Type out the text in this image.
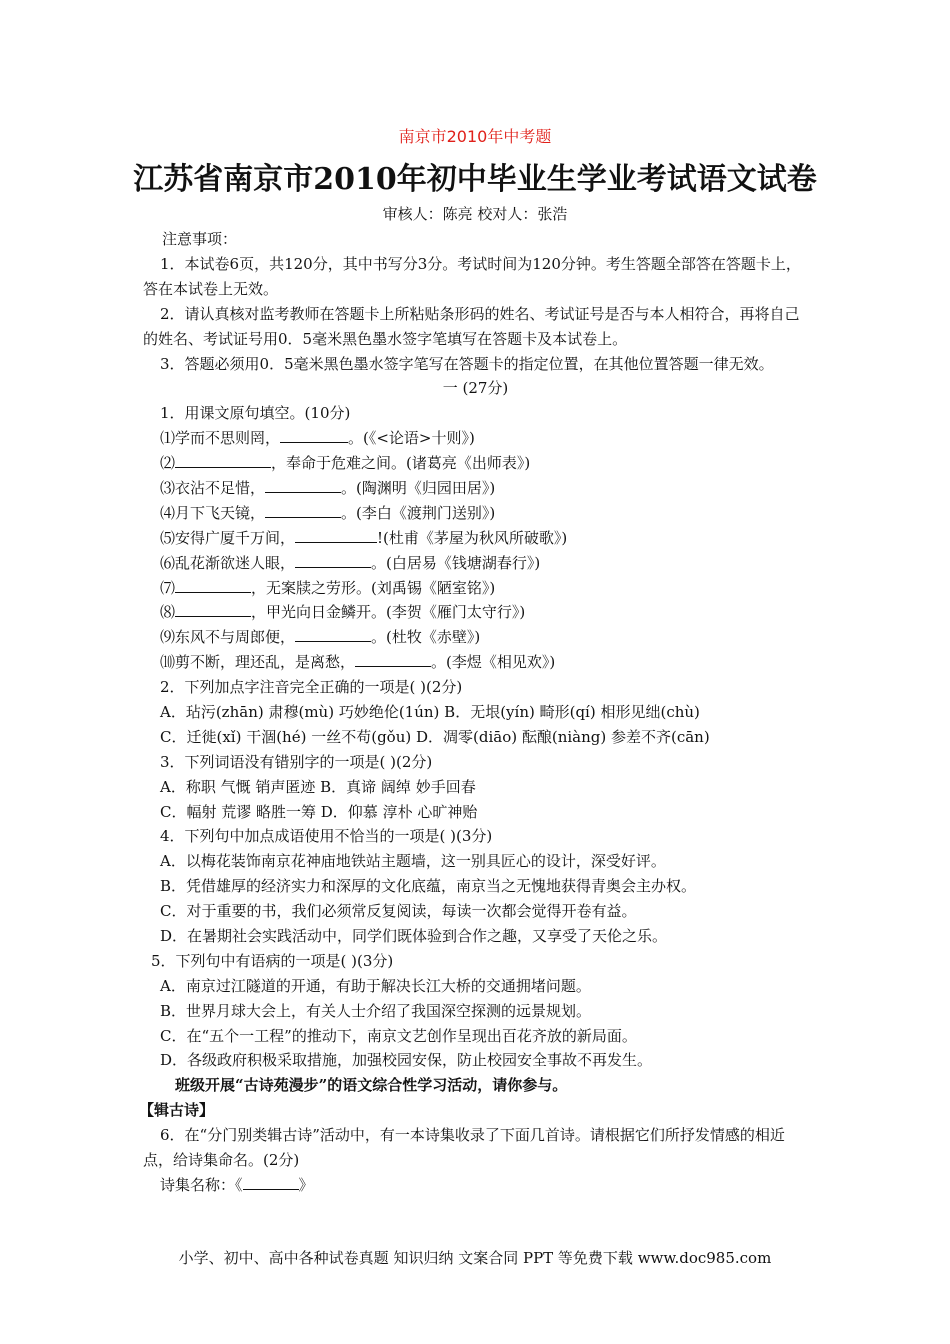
南京市2010年中考题
江苏省南京市2010年初中毕业生学业考试语文试卷
审核人：陈亮 校对人：张浩
注意事项：
1．本试卷6页，共120分，其中书写分3分。考试时间为120分钟。考生答题全部答在答题卡上，答在本试卷上无效。
2．请认真核对监考教师在答题卡上所粘贴条形码的姓名、考试证号是否与本人相符合，再将自己的姓名、考试证号用0．5毫米黑色墨水签字笔填写在答题卡及本试卷上。
3．答题必须用0．5毫米黑色墨水签字笔写在答题卡的指定位置，在其他位置答题一律无效。
一 (27分)
1．用课文原句填空。(10分)
⑴学而不思则罔，	。(《<论语>十则》)
⑵	，奉命于危难之间。(诸葛亮《出师表》)
⑶衣沾不足惜，	。(陶渊明《归园田居》)
⑷月下飞天镜，	。(李白《渡荆门送别》)
⑸安得广厦千万间，	!(杜甫《茅屋为秋风所破歌》)
⑹乱花渐欲迷人眼，	。(白居易《钱塘湖春行》)
⑺	，无案牍之劳形。(刘禹锡《陋室铭》)
⑻	，甲光向日金鳞开。(李贺《雁门太守行》)
⑼东风不与周郎便，	。(杜牧《赤壁》)
⑽剪不断，理还乱，是离愁，	。(李煜《相见欢》)
2．下列加点字注音完全正确的一项是( )(2分)
A．玷污(zhān) 肃穆(mù) 巧妙绝伦(1ún) B．无垠(yín) 畸形(qí) 相形见绌(chù)
C．迁徙(xǐ) 干涸(hé) 一丝不苟(gǒu) D．凋零(diāo) 酝酿(niàng) 参差不齐(cān)
3．下列词语没有错别字的一项是( )(2分)
A．称职 气慨 销声匿迹 B．真谛 阔绰 妙手回春
C．幅射 荒谬 略胜一筹 D．仰慕 淳朴 心旷神贻
4．下列句中加点成语使用不恰当的一项是( )(3分)
A．以梅花装饰南京花神庙地铁站主题墙，这一别具匠心的设计，深受好评。
B．凭借雄厚的经济实力和深厚的文化底蕴，南京当之无愧地获得青奥会主办权。
C．对于重要的书，我们必须常反复阅读，每读一次都会觉得开卷有益。
D．在暑期社会实践活动中，同学们既体验到合作之趣，又享受了天伦之乐。
5．下列句中有语病的一项是( )(3分)
A．南京过江隧道的开通，有助于解决长江大桥的交通拥堵问题。
B．世界月球大会上，有关人士介绍了我国深空探测的远景规划。
C．在“五个一工程”的推动下，南京文艺创作呈现出百花齐放的新局面。
D．各级政府积极采取措施，加强校园安保，防止校园安全事故不再发生。
班级开展“古诗苑漫步”的语文综合性学习活动，请你参与。
【辑古诗】
6．在“分门别类辑古诗”活动中，有一本诗集收录了下面几首诗。请根据它们所抒发情感的相近点，给诗集命名。(2分)
诗集名称：《	》
小学、初中、高中各种试卷真题 知识归纳 文案合同 PPT 等免费下载 www.doc985.com
